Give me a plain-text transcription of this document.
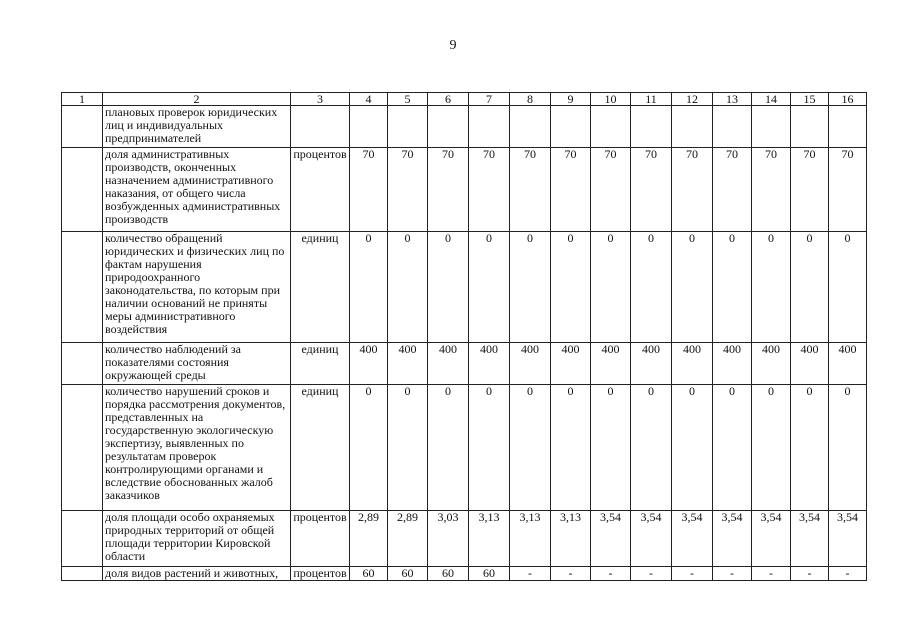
9
1	2	3	4	5	6	7	8	9	10	11	12	13	14	15	16
	плановых проверок юридических лиц и индивидуальных предпринимателей														
	доля административных производств, оконченных назначением административного наказания, от общего числа возбужденных административных производств	процентов	70	70	70	70	70	70	70	70	70	70	70	70	70
	количество обращений юридических и физических лиц по фактам нарушения природоохранного законодательства, по которым при наличии оснований не приняты меры административного воздействия	единиц	0	0	0	0	0	0	0	0	0	0	0	0	0
	количество наблюдений за показателями состояния окружающей среды	единиц	400	400	400	400	400	400	400	400	400	400	400	400	400
	количество нарушений сроков и порядка рассмотрения документов, представленных на государственную экологическую экспертизу, выявленных по результатам проверок контролирующими органами и вследствие обоснованных жалоб заказчиков	единиц	0	0	0	0	0	0	0	0	0	0	0	0	0
	доля площади особо охраняемых природных территорий от общей площади территории Кировской области	процентов	2,89	2,89	3,03	3,13	3,13	3,13	3,54	3,54	3,54	3,54	3,54	3,54	3,54
	доля видов растений и животных,	процентов	60	60	60	60	-	-	-	-	-	-	-	-	-
